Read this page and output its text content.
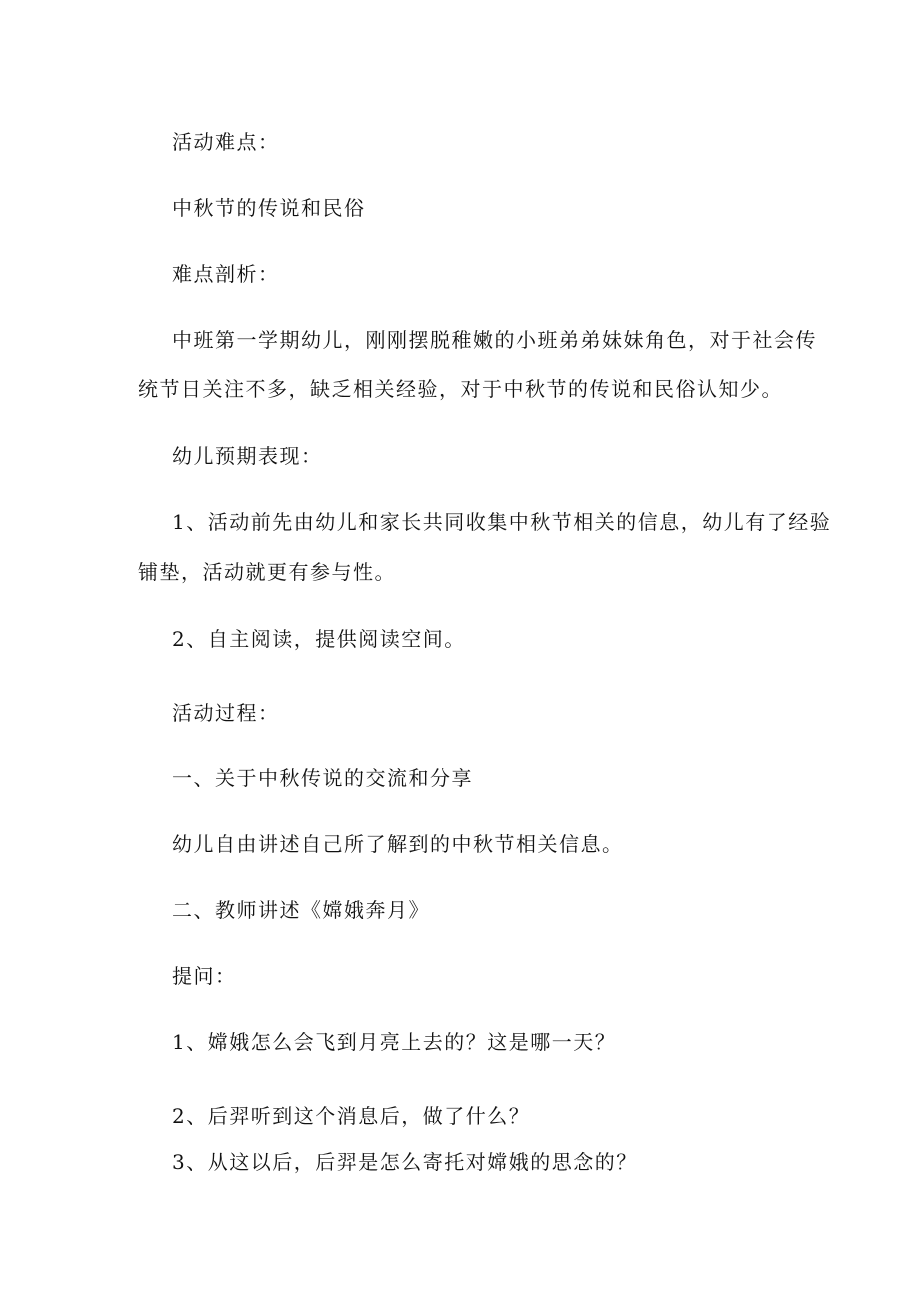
活动难点：
中秋节的传说和民俗
难点剖析：
中班第一学期幼儿，刚刚摆脱稚嫩的小班弟弟妹妹角色，对于社会传
统节日关注不多，缺乏相关经验，对于中秋节的传说和民俗认知少。
幼儿预期表现：
1、活动前先由幼儿和家长共同收集中秋节相关的信息，幼儿有了经验
铺垫，活动就更有参与性。
2、自主阅读，提供阅读空间。
活动过程：
一、关于中秋传说的交流和分享
幼儿自由讲述自己所了解到的中秋节相关信息。
二、教师讲述《嫦娥奔月》
提问：
1、嫦娥怎么会飞到月亮上去的？这是哪一天？
2、后羿听到这个消息后，做了什么？
3、从这以后，后羿是怎么寄托对嫦娥的思念的？
